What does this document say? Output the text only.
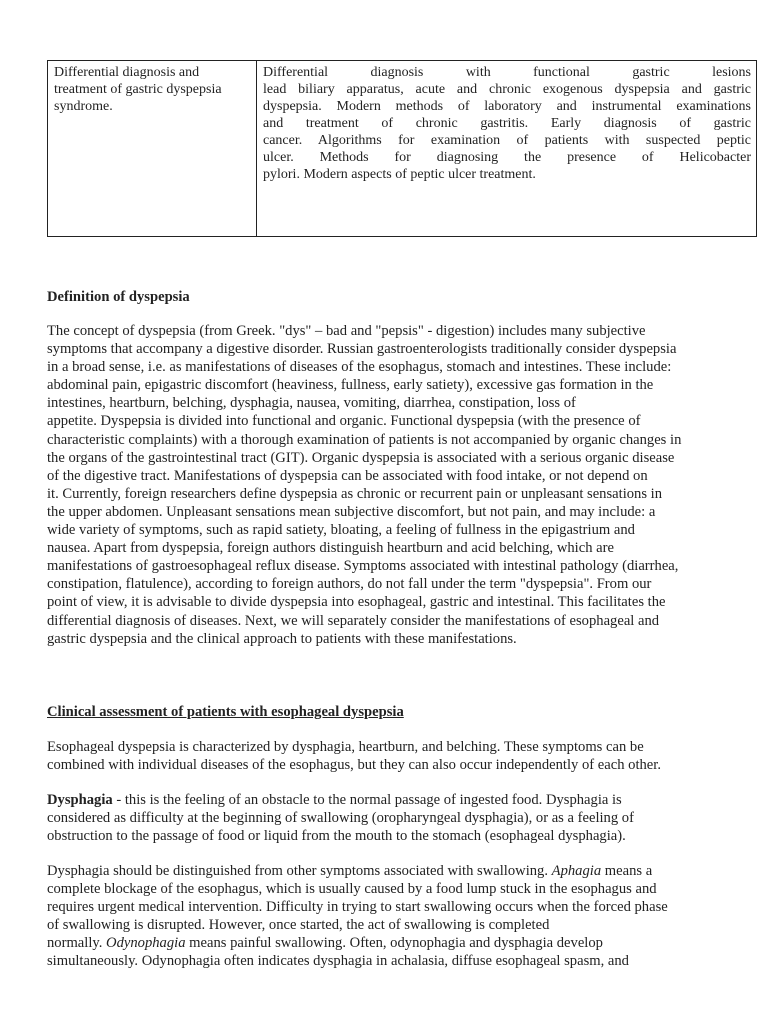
Differential diagnosis and
treatment of gastric dyspepsia
syndrome.
Differential diagnosis with functional gastric lesions
lead biliary apparatus, acute and chronic exogenous dyspepsia and gastric
dyspepsia. Modern methods of laboratory and instrumental examinations
and treatment of chronic gastritis. Early diagnosis of gastric
cancer. Algorithms for examination of patients with suspected peptic
ulcer. Methods for diagnosing the presence of Helicobacter
pylori. Modern aspects of peptic ulcer treatment.
Definition of dyspepsia
The concept of dyspepsia (from Greek. "dys" – bad and "pepsis" - digestion) includes many subjective
symptoms that accompany a digestive disorder. Russian gastroenterologists traditionally consider dyspepsia
in a broad sense, i.e. as manifestations of diseases of the esophagus, stomach and intestines. These include:
abdominal pain, epigastric discomfort (heaviness, fullness, early satiety), excessive gas formation in the
intestines, heartburn, belching, dysphagia, nausea, vomiting, diarrhea, constipation, loss of
appetite. Dyspepsia is divided into functional and organic. Functional dyspepsia (with the presence of
characteristic complaints) with a thorough examination of patients is not accompanied by organic changes in
the organs of the gastrointestinal tract (GIT). Organic dyspepsia is associated with a serious organic disease
of the digestive tract. Manifestations of dyspepsia can be associated with food intake, or not depend on
it. Currently, foreign researchers define dyspepsia as chronic or recurrent pain or unpleasant sensations in
the upper abdomen. Unpleasant sensations mean subjective discomfort, but not pain, and may include: a
wide variety of symptoms, such as rapid satiety, bloating, a feeling of fullness in the epigastrium and
nausea. Apart from dyspepsia, foreign authors distinguish heartburn and acid belching, which are
manifestations of gastroesophageal reflux disease. Symptoms associated with intestinal pathology (diarrhea,
constipation, flatulence), according to foreign authors, do not fall under the term "dyspepsia". From our
point of view, it is advisable to divide dyspepsia into esophageal, gastric and intestinal. This facilitates the
differential diagnosis of diseases. Next, we will separately consider the manifestations of esophageal and
gastric dyspepsia and the clinical approach to patients with these manifestations.
Clinical assessment of patients with esophageal dyspepsia
Esophageal dyspepsia is characterized by dysphagia, heartburn, and belching. These symptoms can be
combined with individual diseases of the esophagus, but they can also occur independently of each other.
Dysphagia - this is the feeling of an obstacle to the normal passage of ingested food. Dysphagia is
considered as difficulty at the beginning of swallowing (oropharyngeal dysphagia), or as a feeling of
obstruction to the passage of food or liquid from the mouth to the stomach (esophageal dysphagia).
Dysphagia should be distinguished from other symptoms associated with swallowing. Aphagia means a
complete blockage of the esophagus, which is usually caused by a food lump stuck in the esophagus and
requires urgent medical intervention. Difficulty in trying to start swallowing occurs when the forced phase
of swallowing is disrupted. However, once started, the act of swallowing is completed
normally. Odynophagia means painful swallowing. Often, odynophagia and dysphagia develop
simultaneously. Odynophagia often indicates dysphagia in achalasia, diffuse esophageal spasm, and
